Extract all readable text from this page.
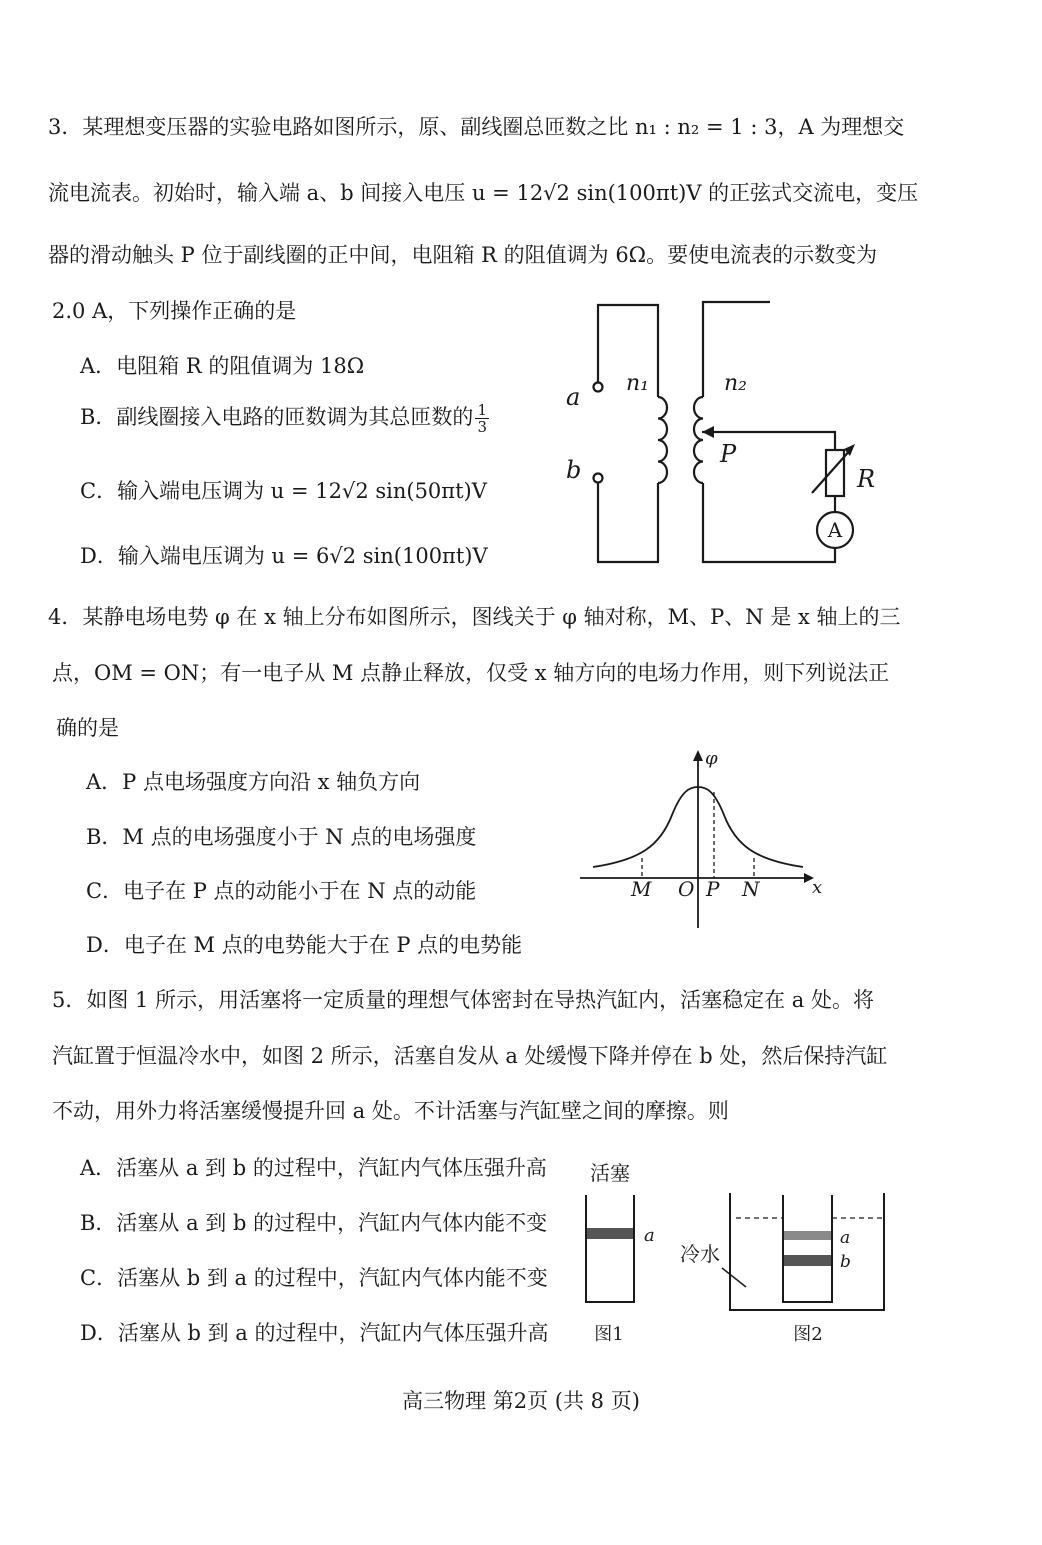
3．某理想变压器的实验电路如图所示，原、副线圈总匝数之比 n₁ : n₂ = 1 : 3，A 为理想交
流电流表。初始时，输入端 a、b 间接入电压 u = 12√2 sin(100πt)V 的正弦式交流电，变压
器的滑动触头 P 位于副线圈的正中间，电阻箱 R 的阻值调为 6Ω。要使电流表的示数变为
2.0 A，下列操作正确的是
A．电阻箱 R 的阻值调为 18Ω
B．副线圈接入电路的匝数调为其总匝数的 $\frac{1}{3}$
C．输入端电压调为 u = 12√2 sin(50πt)V
D．输入端电压调为 u = 6√2 sin(100πt)V
a
b
n₁	n₂
P
R
A
4．某静电场电势 φ 在 x 轴上分布如图所示，图线关于 φ 轴对称，M、P、N 是 x 轴上的三
点，OM = ON；有一电子从 M 点静止释放，仅受 x 轴方向的电场力作用，则下列说法正
确的是
A．P 点电场强度方向沿 x 轴负方向
B．M 点的电场强度小于 N 点的电场强度
C．电子在 P 点的动能小于在 N 点的动能
D．电子在 M 点的电势能大于在 P 点的电势能
φ
x
M O P N
5．如图 1 所示，用活塞将一定质量的理想气体密封在导热汽缸内，活塞稳定在 a 处。将
汽缸置于恒温冷水中，如图 2 所示，活塞自发从 a 处缓慢下降并停在 b 处，然后保持汽缸
不动，用外力将活塞缓慢提升回 a 处。不计活塞与汽缸壁之间的摩擦。则
A．活塞从 a 到 b 的过程中，汽缸内气体压强升高
B．活塞从 a 到 b 的过程中，汽缸内气体内能不变
C．活塞从 b 到 a 的过程中，汽缸内气体内能不变
D．活塞从 b 到 a 的过程中，汽缸内气体压强升高
活塞
a
图1
a
b
冷水
图2
高三物理 第2页 (共 8 页)
